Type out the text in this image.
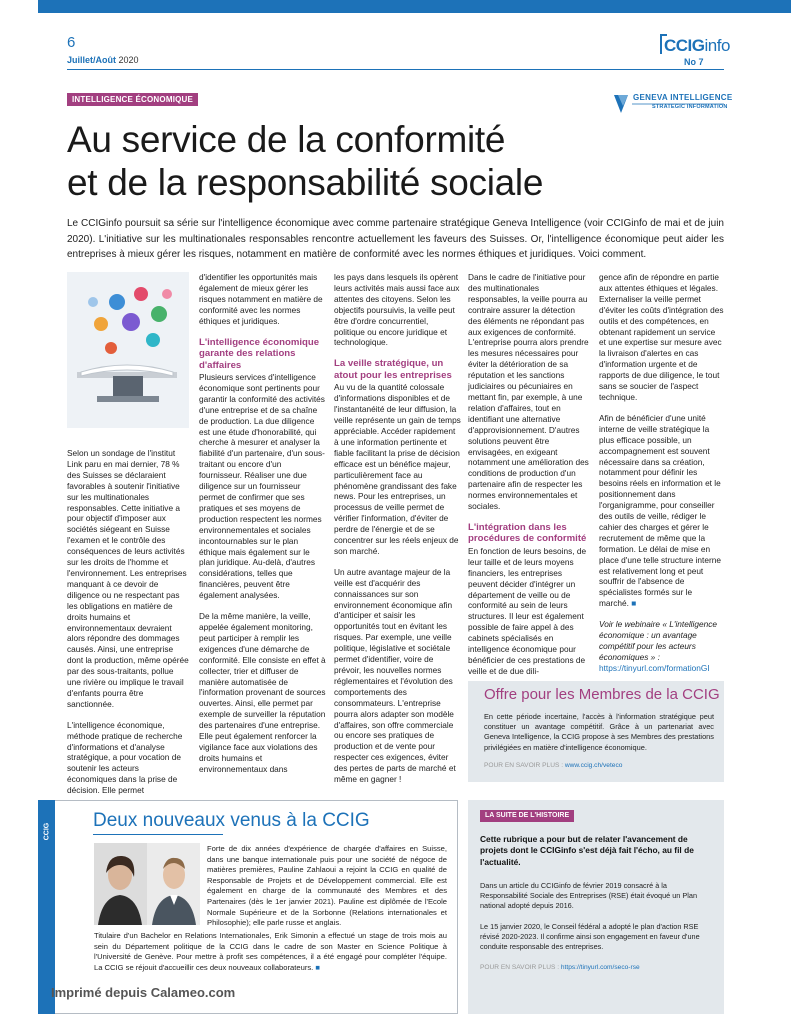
6
Juillet/Août 2020
CCIGinfo
No 7
INTELLIGENCE ÉCONOMIQUE	GENEVA INTELLIGENCE
STRATEGIC INFORMATION
Au service de la conformité
et de la responsabilité sociale

Le CCIGinfo poursuit sa série sur l'intelligence économique avec comme partenaire stratégique Geneva Intelligence (voir CCIGinfo de mai et de juin 2020). L'initiative sur les multinationales responsables rencontre actuellement les faveurs des Suisses. Or, l'intelligence économique peut aider les entreprises à mieux gérer les risques, notamment en matière de conformité avec les normes éthiques et juridiques. Voici comment.

Selon un sondage de l'institut Link paru en mai dernier, 78 % des Suisses se déclaraient favorables à soutenir l'initiative sur les multinationales responsables. Cette initiative a pour objectif d'imposer aux sociétés siégeant en Suisse l'examen et le contrôle des conséquences de leurs activités sur les droits de l'homme et l'environnement. Les entreprises manquant à ce devoir de diligence ou ne respectant pas les obligations en matière de droits humains et environnementaux devraient alors répondre des dommages causés. Ainsi, une entreprise dont la production, même opérée par des sous-traitants, pollue une rivière ou implique le travail d'enfants pourra être sanctionnée.

L'intelligence économique, méthode pratique de recherche d'informations et d'analyse stratégique, a pour vocation de soutenir les acteurs économiques dans la prise de décision. Elle permet

d'identifier les opportunités mais également de mieux gérer les risques notamment en matière de conformité avec les normes éthiques et juridiques.

L'intelligence économique garante des relations d'affaires

Plusieurs services d'intelligence économique sont pertinents pour garantir la conformité des activités d'une entreprise et de sa chaîne de production. La due diligence est une étude d'honorabilité, qui cherche à mesurer et analyser la fiabilité d'un partenaire, d'un sous-traitant ou encore d'un fournisseur. Réaliser une due diligence sur un fournisseur permet de confirmer que ses pratiques et ses moyens de production respectent les normes environnementales et sociales incontournables sur le plan éthique mais également sur le plan juridique. Au-delà, d'autres considérations, telles que financières, peuvent être également analysées.

De la même manière, la veille, appelée également monitoring, peut participer à remplir les exigences d'une démarche de conformité. Elle consiste en effet à collecter, trier et diffuser de manière automatisée de l'information provenant de sources ouvertes. Ainsi, elle permet par exemple de surveiller la réputation des partenaires d'une entreprise. Elle peut également renforcer la vigilance face aux violations des droits humains et environnementaux dans

les pays dans lesquels ils opèrent leurs activités mais aussi face aux attentes des citoyens. Selon les objectifs poursuivis, la veille peut être d'ordre concurrentiel, politique ou encore juridique et technologique.

La veille stratégique, un atout pour les entreprises

Au vu de la quantité colossale d'informations disponibles et de l'instantanéité de leur diffusion, la veille représente un gain de temps appréciable. Accéder rapidement à une information pertinente et fiable facilitant la prise de décision efficace est un bénéfice majeur, particulièrement face au phénomène grandissant des fake news. Pour les entreprises, un processus de veille permet de vérifier l'information, d'éviter de perdre de l'énergie et de se concentrer sur les réels enjeux de son marché.

Un autre avantage majeur de la veille est d'acquérir des connaissances sur son environnement économique afin d'anticiper et saisir les opportunités tout en évitant les risques. Par exemple, une veille politique, législative et sociétale permet d'identifier, voire de prévoir, les nouvelles normes réglementaires et l'évolution des comportements des consommateurs. L'entreprise pourra alors adapter son modèle d'affaires, son offre commerciale ou encore ses pratiques de production et de vente pour respecter ces exigences, éviter des pertes de parts de marché et même en gagner !

Dans le cadre de l'initiative pour des multinationales responsables, la veille pourra au contraire assurer la détection des éléments ne répondant pas aux exigences de conformité. L'entreprise pourra alors prendre les mesures nécessaires pour éviter la détérioration de sa réputation et les sanctions judiciaires ou pécuniaires en mettant fin, par exemple, à une relation d'affaires, tout en identifiant une alternative d'approvisionnement. D'autres solutions peuvent être envisagées, en exigeant notamment une amélioration des conditions de production d'un partenaire afin de respecter les normes environnementales et sociales.

L'intégration dans les procédures de conformité

En fonction de leurs besoins, de leur taille et de leurs moyens financiers, les entreprises peuvent décider d'intégrer un département de veille ou de conformité au sein de leurs structures. Il leur est également possible de faire appel à des cabinets spécialisés en intelligence économique pour bénéficier de ces prestations de veille et de due dili-

gence afin de répondre en partie aux attentes éthiques et légales. Externaliser la veille permet d'éviter les coûts d'intégration des outils et des compétences, en obtenant rapidement un service et une expertise sur mesure avec la livraison d'alertes en cas d'information urgente et de rapports de due diligence, le tout sans se soucier de l'aspect technique.

Afin de bénéficier d'une unité interne de veille stratégique la plus efficace possible, un accompagnement est souvent nécessaire dans sa création, notamment pour définir les besoins réels en information et le positionnement dans l'organigramme, pour conseiller des outils de veille, rédiger le cahier des charges et gérer le recrutement de même que la formation. Le délai de mise en place d'une telle structure interne est relativement long et peut souffrir de l'absence de spécialistes formés sur le marché. ■

Voir le webinaire « L'intelligence économique : un avantage compétitif pour les acteurs économiques » :
https://tinyurl.com/formationGI

Offre pour les Membres de la CCIG

En cette période incertaine, l'accès à l'information stratégique peut constituer un avantage compétitif. Grâce à un partenariat avec Geneva Intelligence, la CCIG propose à ses Membres des prestations privilégiées en matière d'intelligence économique.

POUR EN SAVOIR PLUS : www.ccig.ch/veteco
CCIG
Deux nouveaux venus à la CCIG

Forte de dix années d'expérience de chargée d'affaires en Suisse, dans une banque internationale puis pour une société de négoce de matières premières, Pauline Zahlaoui a rejoint la CCIG en qualité de Responsable de Projets et de Développement commercial. Elle est également en charge de la communauté des Membres et des Partenaires (dès le 1er janvier 2021). Pauline est diplômée de l'Ecole Normale Supérieure et de la Sorbonne (Relations internationales et Philosophie); elle parle russe et anglais.

Titulaire d'un Bachelor en Relations Internationales, Erik Simonin a effectué un stage de trois mois au sein du Département politique de la CCIG dans le cadre de son Master en Science Politique à l'Université de Genève. Pour mettre à profit ses compétences, il a été engagé pour compléter l'équipe. La CCIG se réjouit d'accueillir ces deux nouveaux collaborateurs. ■

Imprimé depuis Calameo.com
LA SUITE DE L'HISTOIRE

Cette rubrique a pour but de relater l'avancement de projets dont le CCIGinfo s'est déjà fait l'écho, au fil de l'actualité.

Dans un article du CCIGinfo de février 2019 consacré à la Responsabilité Sociale des Entreprises (RSE) était évoqué un Plan national adopté depuis 2016.

Le 15 janvier 2020, le Conseil fédéral a adopté le plan d'action RSE révisé 2020-2023. Il confirme ainsi son engagement en faveur d'une conduite responsable des entreprises.

POUR EN SAVOIR PLUS : https://tinyurl.com/seco-rse
